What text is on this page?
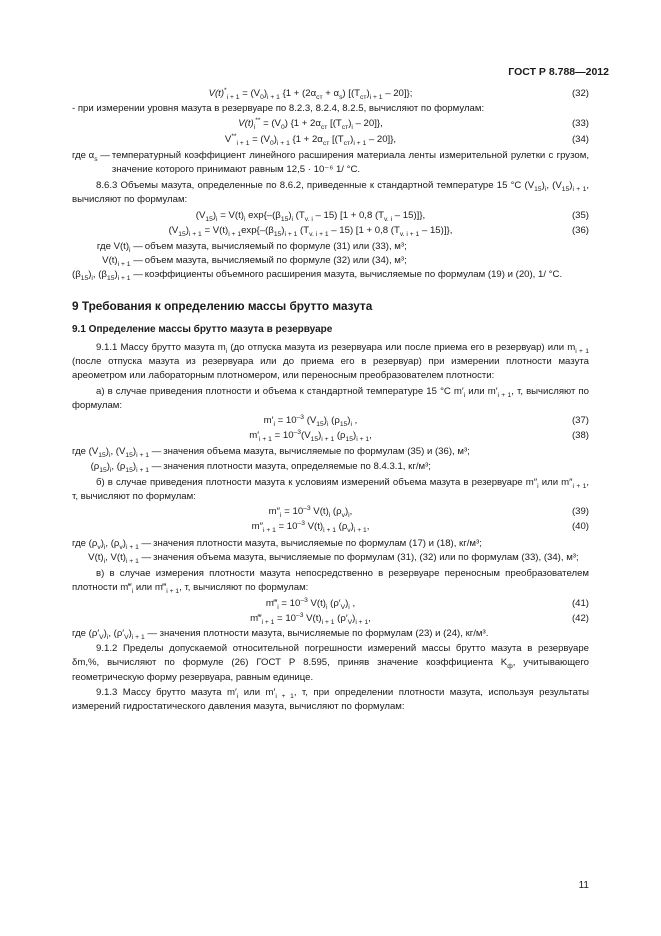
ГОСТ Р 8.788—2012
$V(t)^*_{i + 1} = (V_0)_{i + 1}$ {$1 + (2\alpha_{ст} + \alpha_s)$ $[(T_{ст})_{i + 1} - 20]$};	(32)
- при измерении уровня мазута в резервуаре по 8.2.3, 8.2.4, 8.2.5, вычисляют по формулам:
$V(t)_i^{**} = (V_0) \{1 + 2\alpha_{ст}$ $[(T_{ст})_i - 20]$},	(33)
$V^{**}_{i + 1} = (V_0)_{i + 1}$ {$1 + 2\alpha_{ст}$ $[(T_{ст})_{i + 1} - 20]$},	(34)
где $\alpha_s$ —	температурный коэффициент линейного расширения материала ленты измерительной рулетки с грузом, значение которого принимают равным 12,5 · 10⁻⁶ 1/ °С.
8.6.3 Объемы мазута, определенные по 8.6.2, приведенные к стандартной температуре 15 °С $(V_{15})_i$, $(V_{15})_{i + 1}$, вычисляют по формулам:
$(V_{15})_i = V(t)_i$ $\exp\{-(\beta_{15})_i$ $(T_{v. i} - 15) [1 + 0,8$ $(T_{v. i} - 15)$]},	(35)
$(V_{15})_{i + 1} = V(t)_{i + 1}\exp\{-(\beta_{15})_{i + 1}$ $(T_{v. i + 1} - 15) [1 + 0,8$ $(T_{v. i + 1} - 15)$]},	(36)
где $V(t)_i$ —	объем мазута, вычисляемый по формуле (31) или (33), м³;
$V(t)_{i + 1}$ —	объем мазута, вычисляемый по формуле (32) или (34), м³;
$(\beta_{15})_i$, $(\beta_{15})_{i + 1}$ —	коэффициенты объемного расширения мазута, вычисляемые по формулам (19) и (20), 1/ °С.
9 Требования к определению массы брутто мазута
9.1 Определение массы брутто мазута в резервуаре
9.1.1 Массу брутто мазута $m_i$ (до отпуска мазута из резервуара или после приема его в резервуар) или $m_{i + 1}$ (после отпуска мазута из резервуара или до приема его в резервуар) при измерении плотности мазута ареометром или лабораторным плотномером, или переносным преобразователем плотности:
а) в случае приведения плотности и объема к стандартной температуре 15 °С $m'_i$ или $m'_{i + 1}$, т, вычисляют по формулам:
$m'_i = 10^{-3}$ $(V_{15})_i$ $(\rho_{15})_i$ ,	(37)
$m'_{i + 1} = 10^{-3}(V_{15})_{i + 1}$ $(\rho_{15})_{i + 1}$,	(38)
где $(V_{15})_i$, $(V_{15})_{i + 1}$ —	значения объема мазута, вычисляемые по формулам (35) и (36), м³;
$(\rho_{15})_i$, $(\rho_{15})_{i + 1}$ —	значения плотности мазута, определяемые по 8.4.3.1, кг/м³;
б) в случае приведения плотности мазута к условиям измерений объема мазута в резервуаре $m''_i$ или $m''_{i + 1}$, т, вычисляют по формулам:
$m''_i = 10^{-3}$ $V(t)_i$ $(\rho_v)_i$,	(39)
$m''_{i + 1} = 10^{-3}$ $V(t)_{i + 1}$ $(\rho_v)_{i + 1}$,	(40)
где $(\rho_v)_i$, $(\rho_v)_{i + 1}$ —	значения плотности мазута, вычисляемые по формулам (17) и (18), кг/м³;
$V(t)_i$, $V(t)_{i + 1}$ —	значения объема мазута, вычисляемые по формулам (31), (32) или по формулам (33), (34), м³;
в) в случае измерения плотности мазута непосредственно в резервуаре переносным преобразователем плотности $m‴_i$ или $m‴_{i + 1}$, т, вычисляют по формулам:
$m‴_i = 10^{-3}$ $V(t)_i$ $(\rho'_V)_i$ ,	(41)
$m‴_{i + 1} = 10^{-3}$ $V(t)_{i + 1}$ $(\rho'_V)_{i + 1}$,	(42)
где $(\rho'_V)_i$, $(\rho'_V)_{i + 1}$ — значения плотности мазута, вычисляемые по формулам (23) и (24), кг/м³.
9.1.2 Пределы допускаемой относительной погрешности измерений массы брутто мазута в резервуаре δm,%, вычисляют по формуле (26) ГОСТ Р 8.595, приняв значение коэффициента $K_ф$, учитывающего геометрическую форму резервуара, равным единице.
9.1.3 Массу брутто мазута $m'_i$ или $m'_{i + 1}$, т, при определении плотности мазута, используя результаты измерений гидростатического давления мазута, вычисляют по формулам:
11
